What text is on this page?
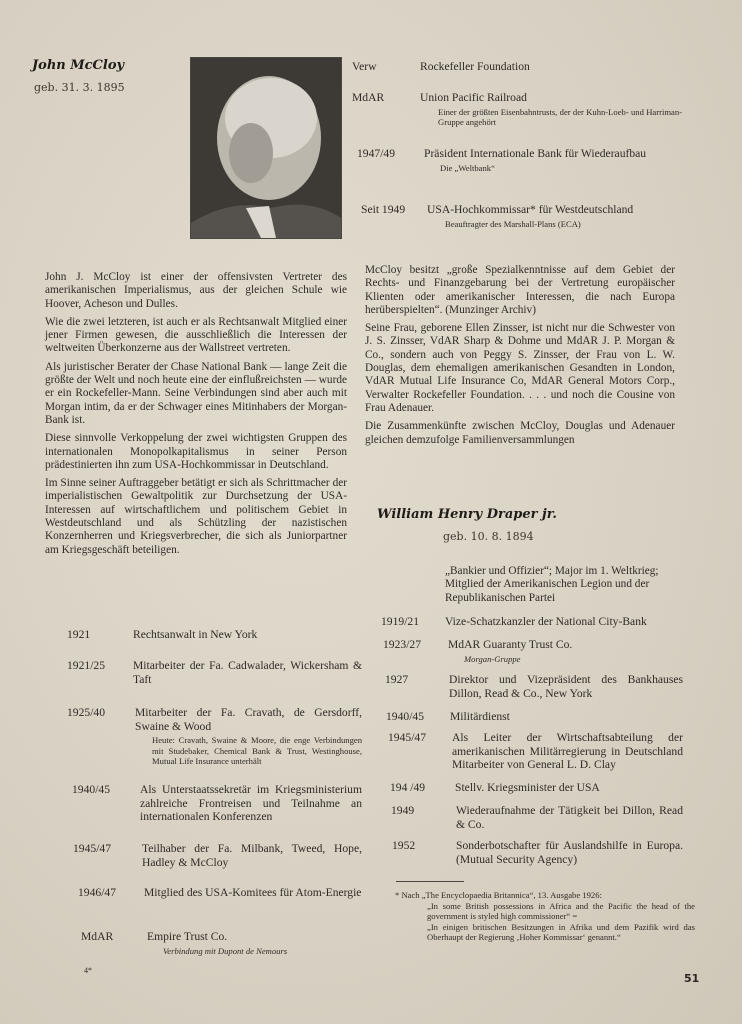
John McCloy
geb. 31. 3. 1895
Verw	Rockefeller Foundation
MdAR	Union Pacific Railroad
Einer der größten Eisenbahntrusts, der der Kuhn-Loeb- und Harriman-Gruppe angehört
1947/49 Präsident Internationale Bank für Wiederaufbau
Die „Weltbank“
Seit 1949 USA-Hochkommissar* für Westdeutschland
Beauftragter des Marshall-Plans (ECA)

John J. McCloy ist einer der offensivsten Vertreter des amerikanischen Imperialismus, aus der gleichen Schule wie Hoover, Acheson und Dulles.

Wie die zwei letzteren, ist auch er als Rechtsanwalt Mitglied einer jener Firmen gewesen, die ausschließlich die Interessen der weltweiten Überkonzerne aus der Wallstreet vertreten.

Als juristischer Berater der Chase National Bank — lange Zeit die größte der Welt und noch heute eine der einflußreichsten — wurde er ein Rockefeller-Mann. Seine Verbindungen sind aber auch mit Morgan intim, da er der Schwager eines Mitinhabers der Morgan-Bank ist.

Diese sinnvolle Verkoppelung der zwei wichtigsten Gruppen des internationalen Monopolkapitalismus in seiner Person prädestinierten ihn zum USA-Hochkommissar in Deutschland.

Im Sinne seiner Auftraggeber betätigt er sich als Schrittmacher der imperialistischen Gewaltpolitik zur Durchsetzung der USA-Interessen auf wirtschaftlichem und politischem Gebiet in Westdeutschland und als Schützling der nazistischen Konzernherren und Kriegsverbrecher, die sich als Juniorpartner am Kriegsgeschäft beteiligen.

McCloy besitzt „große Spezialkenntnisse auf dem Gebiet der Rechts- und Finanzgebarung bei der Vertretung europäischer Klienten oder amerikanischer Interessen, die nach Europa herüberspielten“. (Munzinger Archiv)

Seine Frau, geborene Ellen Zinsser, ist nicht nur die Schwester von J. S. Zinsser, VdAR Sharp & Dohme und MdAR J. P. Morgan & Co., sondern auch von Peggy S. Zinsser, der Frau von L. W. Douglas, dem ehemaligen amerikanischen Gesandten in London, VdAR Mutual Life Insurance Co, MdAR General Motors Corp., Verwalter Rockefeller Foundation. . . . und noch die Cousine von Frau Adenauer.

Die Zusammenkünfte zwischen McCloy, Douglas und Adenauer gleichen demzufolge Familienversammlungen

1921	Rechtsanwalt in New York
1921/25 Mitarbeiter der Fa. Cadwalader, Wickersham & Taft
1925/40	Mitarbeiter der Fa. Cravath, de Gersdorff, Swaine & Wood
Heute: Cravath, Swaine & Moore, die enge Verbindungen mit Studebaker, Chemical Bank & Trust, Westinghouse, Mutual Life Insurance unterhält
1940/45	Als Unterstaatssekretär im Kriegsministerium zahlreiche Frontreisen und Teilnahme an internationalen Konferenzen
1945/47	Teilhaber der Fa. Milbank, Tweed, Hope, Hadley & McCloy
1946/47 Mitglied des USA-Komitees für Atom-Energie
MdAR	Empire Trust Co.
Verbindung mit Dupont de Nemours
William Henry Draper jr.
geb. 10. 8. 1894
„Bankier und Offizier“; Major im 1. Weltkrieg; Mitglied der Amerikanischen Legion und der Republikanischen Partei
1919/21 Vize-Schatzkanzler der National City-Bank
1923/27 MdAR Guaranty Trust Co.
Morgan-Gruppe
1927	Direktor und Vizepräsident des Bankhauses Dillon, Read & Co., New York
1940/45 Militärdienst
1945/47 Als Leiter der Wirtschaftsabteilung der amerikanischen Militärregierung in Deutschland Mitarbeiter von General L. D. Clay
194 /49	Stellv. Kriegsminister der USA
1949	Wiederaufnahme der Tätigkeit bei Dillon, Read & Co.
1952	Sonderbotschafter für Auslandshilfe in Europa. (Mutual Security Agency)
* Nach „The Encyclopaedia Britannica“, 13. Ausgabe 1926:
„In some British possessions in Africa and the Pacific the head of the government is styled high commissioner“ =
„In einigen britischen Besitzungen in Afrika und dem Pazifik wird das Oberhaupt der Regierung ‚Hoher Kommissar‘ genannt.“
4*
51
